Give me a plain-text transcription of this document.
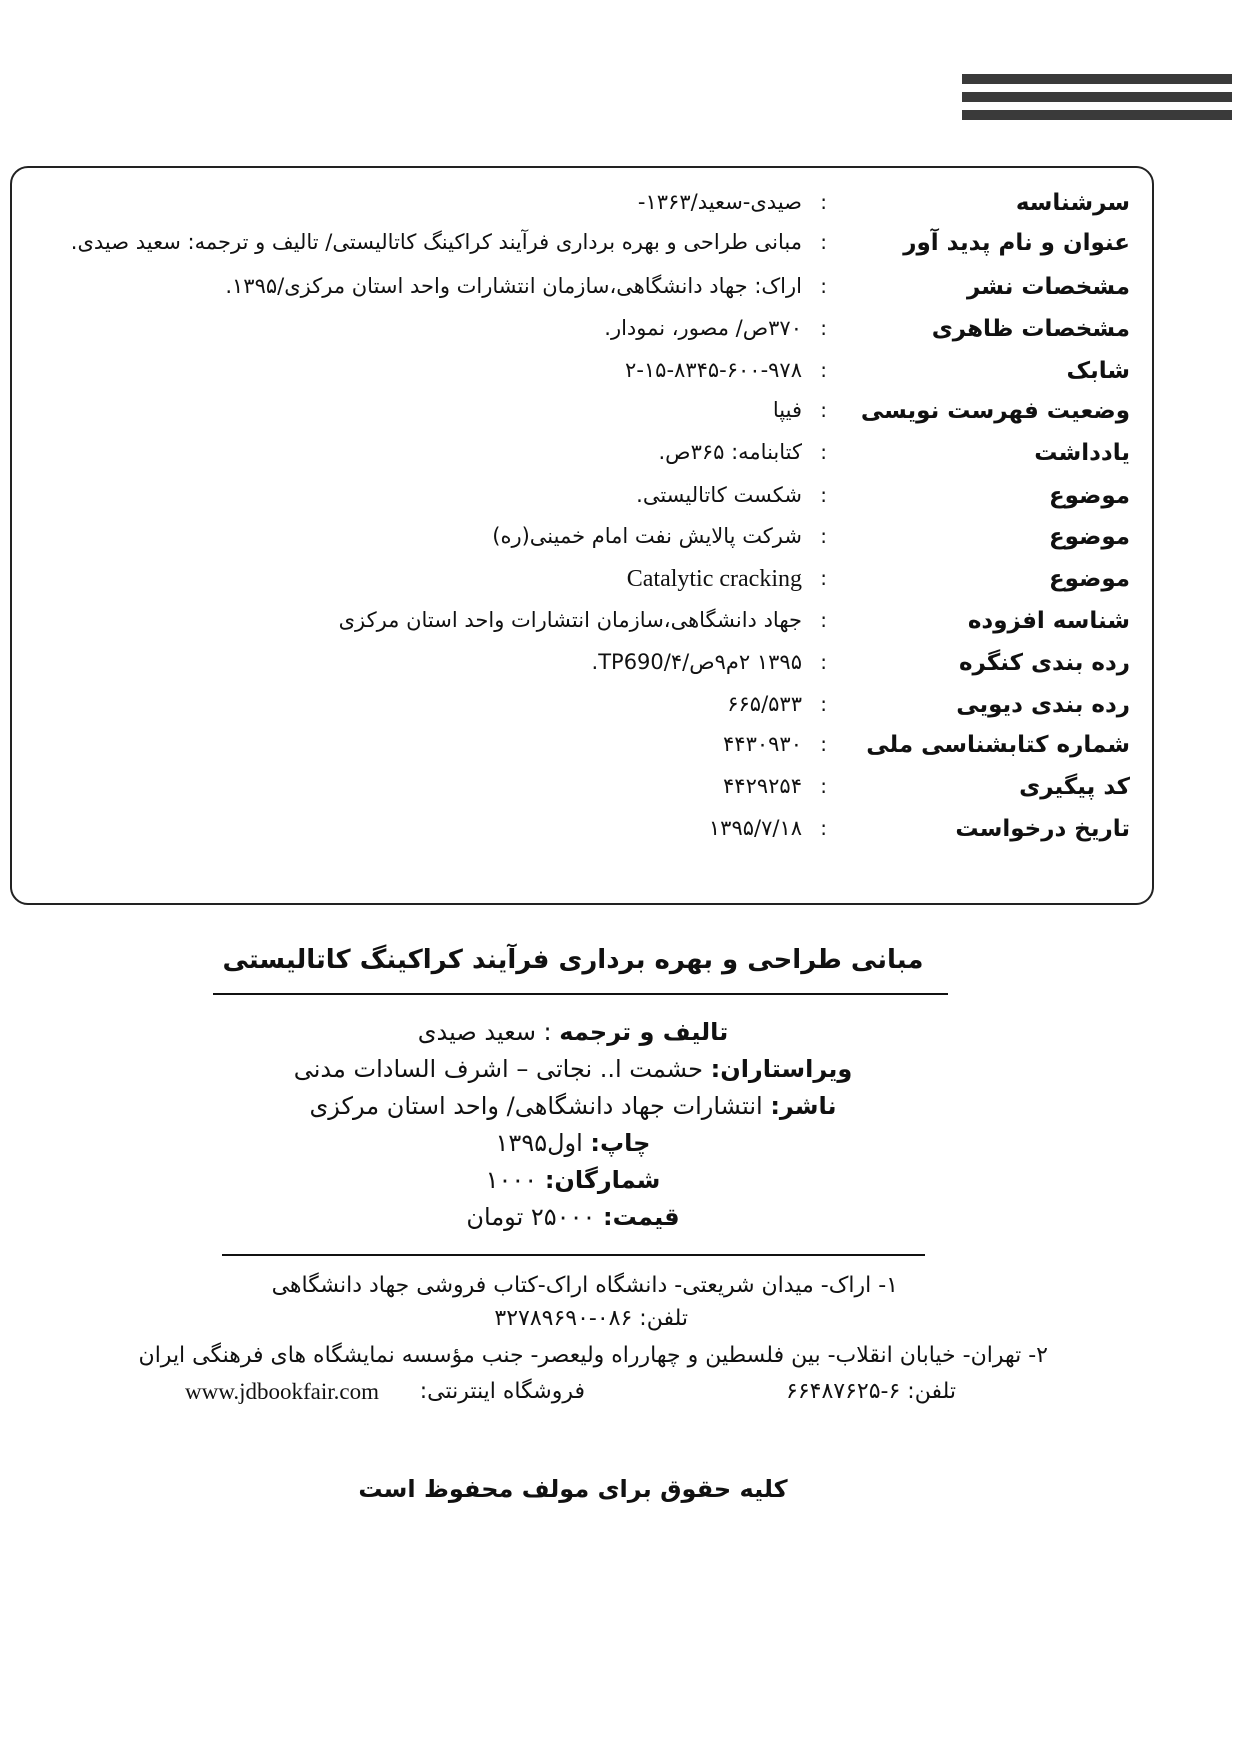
سرشناسه
:
صیدی-سعید/۱۳۶۳-
عنوان و نام پدید آور
:
مبانی طراحی و بهره برداری فرآیند کراکینگ کاتالیستی/ تالیف و ترجمه: سعید صیدی.
مشخصات نشر
:
اراک: جهاد دانشگاهی،سازمان انتشارات واحد استان مرکزی/۱۳۹۵.
مشخصات ظاهری
:
۳۷۰ص/ مصور، نمودار.
شابک
:
۲-۱۵-۸۳۴۵-۶۰۰-۹۷۸
وضعیت فهرست نویسی
:
فیپا
یادداشت
:
کتابنامه: ۳۶۵ص.
موضوع
:
شکست کاتالیستی.
موضوع
:
شرکت پالایش نفت امام خمینی(ره)
موضوع
:
Catalytic cracking
شناسه افزوده
:
جهاد دانشگاهی،سازمان انتشارات واحد استان مرکزی
رده بندی کنگره
:
۱۳۹۵ ۲م۹ص/۴/TP690.
رده بندی دیویی
:
۶۶۵/۵۳۳
شماره کتابشناسی ملی
:
۴۴۳۰۹۳۰
کد پیگیری
:
۴۴۲۹۲۵۴
تاریخ درخواست
:
۱۳۹۵/۷/۱۸
مبانی طراحی و بهره برداری فرآیند کراکینگ کاتالیستی
تالیف و ترجمه : سعید صیدی
ویراستاران: حشمت ا.. نجاتی – اشرف السادات مدنی
ناشر: انتشارات جهاد دانشگاهی/ واحد استان مرکزی
چاپ: اول۱۳۹۵
شمارگان: ۱۰۰۰
قیمت: ۲۵۰۰۰ تومان
۱- اراک- میدان شریعتی- دانشگاه اراک-کتاب فروشی جهاد دانشگاهی
تلفن: ۰۸۶-۳۲۷۸۹۶۹۰
۲- تهران- خیابان انقلاب- بین فلسطین و چهارراه ولیعصر- جنب مؤسسه نمایشگاه های فرهنگی ایران
تلفن: ۶-۶۶۴۸۷۶۲۵
فروشگاه اینترنتی:
www.jdbookfair.com
کلیه حقوق برای مولف محفوظ است
